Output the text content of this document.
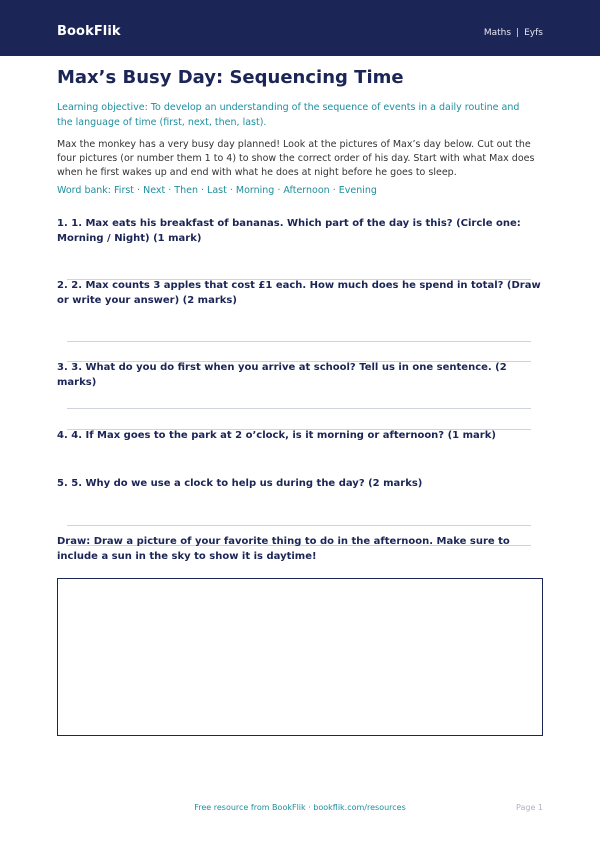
BookFlik	Maths | Eyfs
Max’s Busy Day: Sequencing Time
Learning objective: To develop an understanding of the sequence of events in a daily routine and the language of time (first, next, then, last).
Max the monkey has a very busy day planned! Look at the pictures of Max’s day below. Cut out the four pictures (or number them 1 to 4) to show the correct order of his day. Start with what Max does when he first wakes up and end with what he does at night before he goes to sleep.
Word bank: First · Next · Then · Last · Morning · Afternoon · Evening
1. 1. Max eats his breakfast of bananas. Which part of the day is this? (Circle one: Morning / Night) (1 mark)
2. 2. Max counts 3 apples that cost £1 each. How much does he spend in total? (Draw or write your answer) (2 marks)
3. 3. What do you do first when you arrive at school? Tell us in one sentence. (2 marks)
4. 4. If Max goes to the park at 2 o’clock, is it morning or afternoon? (1 mark)
5. 5. Why do we use a clock to help us during the day? (2 marks)
Draw: Draw a picture of your favorite thing to do in the afternoon. Make sure to include a sun in the sky to show it is daytime!
Free resource from BookFlik · bookflik.com/resources	Page 1
